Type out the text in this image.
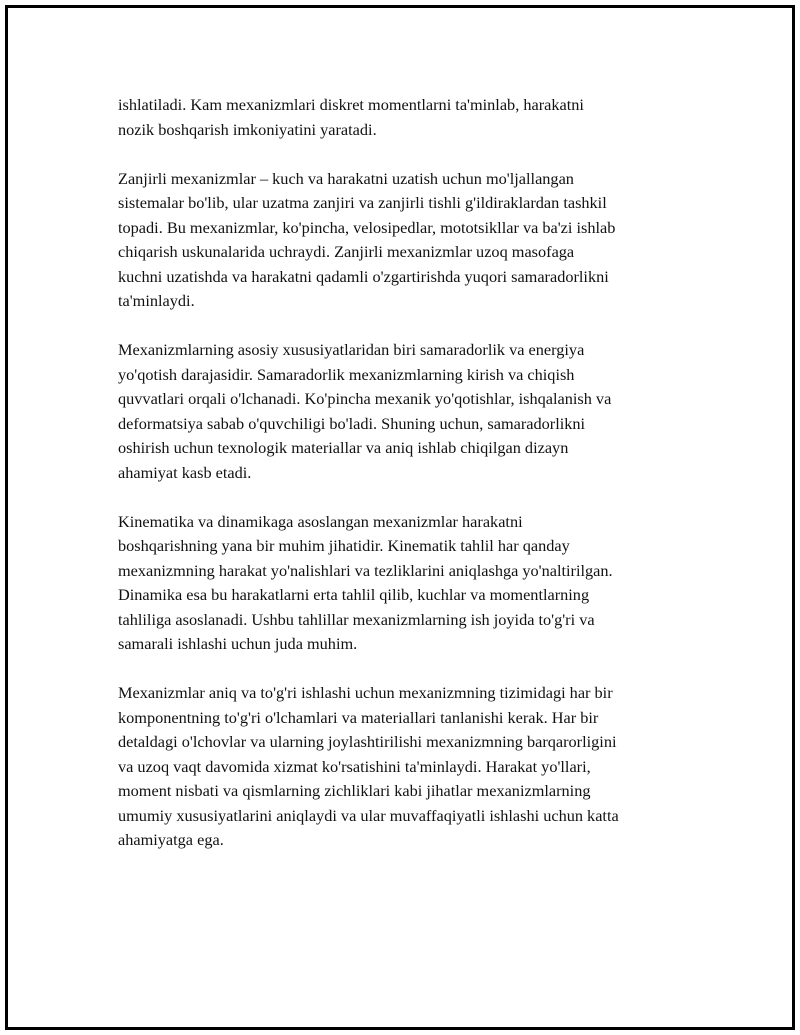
ishlatiladi. Kam mexanizmlari diskret momentlarni ta'minlab, harakatni
nozik boshqarish imkoniyatini yaratadi.

Zanjirli mexanizmlar – kuch va harakatni uzatish uchun mo'ljallangan
sistemalar bo'lib, ular uzatma zanjiri va zanjirli tishli g'ildiraklardan tashkil
topadi. Bu mexanizmlar, ko'pincha, velosipedlar, mototsikllar va ba'zi ishlab
chiqarish uskunalarida uchraydi. Zanjirli mexanizmlar uzoq masofaga
kuchni uzatishda va harakatni qadamli o'zgartirishda yuqori samaradorlikni
ta'minlaydi.

Mexanizmlarning asosiy xususiyatlaridan biri samaradorlik va energiya
yo'qotish darajasidir. Samaradorlik mexanizmlarning kirish va chiqish
quvvatlari orqali o'lchanadi. Ko'pincha mexanik yo'qotishlar, ishqalanish va
deformatsiya sabab o'quvchiligi bo'ladi. Shuning uchun, samaradorlikni
oshirish uchun texnologik materiallar va aniq ishlab chiqilgan dizayn
ahamiyat kasb etadi.

Kinematika va dinamikaga asoslangan mexanizmlar harakatni
boshqarishning yana bir muhim jihatidir. Kinematik tahlil har qanday
mexanizmning harakat yo'nalishlari va tezliklarini aniqlashga yo'naltirilgan.
Dinamika esa bu harakatlarni erta tahlil qilib, kuchlar va momentlarning
tahliliga asoslanadi. Ushbu tahlillar mexanizmlarning ish joyida to'g'ri va
samarali ishlashi uchun juda muhim.

Mexanizmlar aniq va to'g'ri ishlashi uchun mexanizmning tizimidagi har bir
komponentning to'g'ri o'lchamlari va materiallari tanlanishi kerak. Har bir
detaldagi o'lchovlar va ularning joylashtirilishi mexanizmning barqarorligini
va uzoq vaqt davomida xizmat ko'rsatishini ta'minlaydi. Harakat yo'llari,
moment nisbati va qismlarning zichliklari kabi jihatlar mexanizmlarning
umumiy xususiyatlarini aniqlaydi va ular muvaffaqiyatli ishlashi uchun katta
ahamiyatga ega.
